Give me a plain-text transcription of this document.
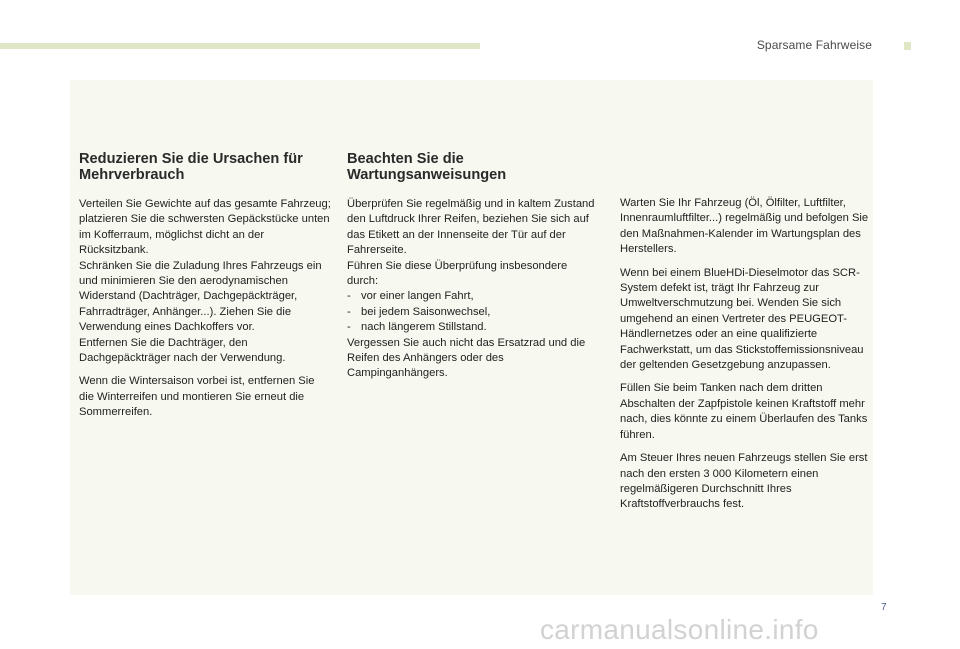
Sparsame Fahrweise
Reduzieren Sie die Ursachen für Mehrverbrauch

Verteilen Sie Gewichte auf das gesamte Fahrzeug; platzieren Sie die schwersten Gepäckstücke unten im Kofferraum, möglichst dicht an der Rücksitzbank.
Schränken Sie die Zuladung Ihres Fahrzeugs ein und minimieren Sie den aerodynamischen Widerstand (Dachträger, Dachgepäckträger, Fahrradträger, Anhänger...). Ziehen Sie die Verwendung eines Dachkoffers vor.
Entfernen Sie die Dachträger, den Dachgepäckträger nach der Verwendung.

Wenn die Wintersaison vorbei ist, entfernen Sie die Winterreifen und montieren Sie erneut die Sommerreifen.

Beachten Sie die Wartungsanweisungen

Überprüfen Sie regelmäßig und in kaltem Zustand den Luftdruck Ihrer Reifen, beziehen Sie sich auf das Etikett an der Innenseite der Tür auf der Fahrerseite.
Führen Sie diese Überprüfung insbesondere durch:

- vor einer langen Fahrt,
- bei jedem Saisonwechsel,
- nach längerem Stillstand.

Vergessen Sie auch nicht das Ersatzrad und die Reifen des Anhängers oder des Campinganhängers.

Warten Sie Ihr Fahrzeug (Öl, Ölfilter, Luftfilter, Innenraumluftfilter...) regelmäßig und befolgen Sie den Maßnahmen-Kalender im Wartungsplan des Herstellers.

Wenn bei einem BlueHDi-Dieselmotor das SCR-System defekt ist, trägt Ihr Fahrzeug zur Umweltverschmutzung bei. Wenden Sie sich umgehend an einen Vertreter des PEUGEOT-Händlernetzes oder an eine qualifizierte Fachwerkstatt, um das Stickstoffemissionsniveau der geltenden Gesetzgebung anzupassen.

Füllen Sie beim Tanken nach dem dritten Abschalten der Zapfpistole keinen Kraftstoff mehr nach, dies könnte zu einem Überlaufen des Tanks führen.

Am Steuer Ihres neuen Fahrzeugs stellen Sie erst nach den ersten 3 000 Kilometern einen regelmäßigeren Durchschnitt Ihres Kraftstoffverbrauchs fest.

7
carmanualsonline.info
